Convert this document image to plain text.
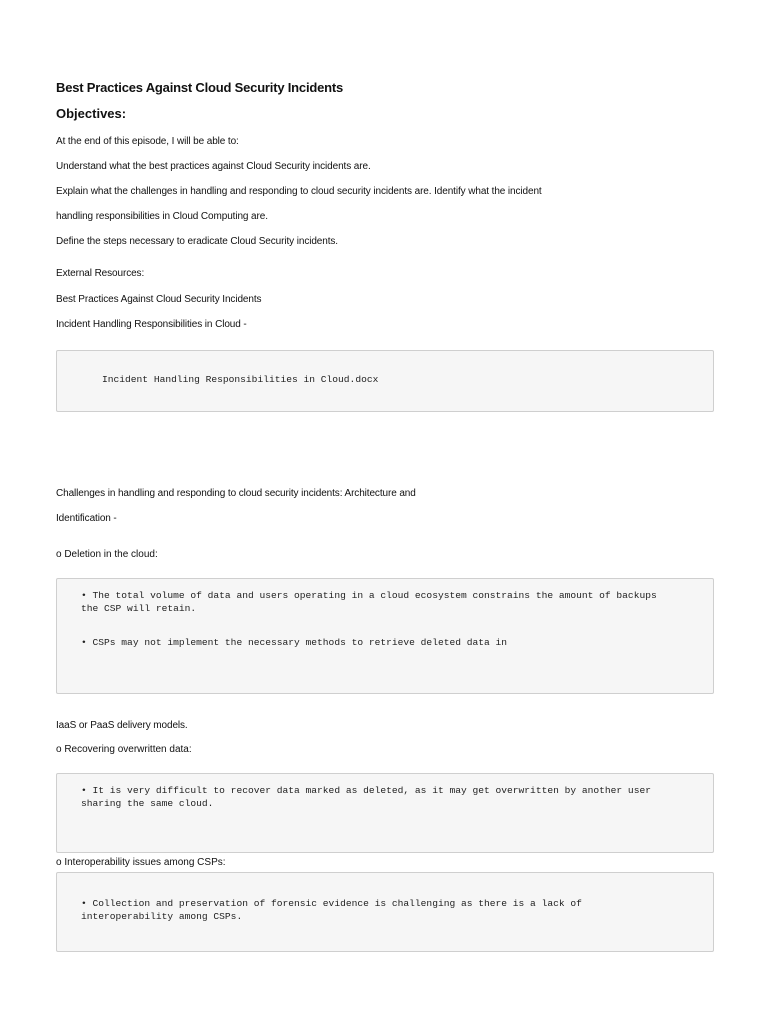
Best Practices Against Cloud Security Incidents
Objectives:

At the end of this episode, I will be able to:

Understand what the best practices against Cloud Security incidents are.

Explain what the challenges in handling and responding to cloud security incidents are. Identify what the incident

handling responsibilities in Cloud Computing are.

Define the steps necessary to eradicate Cloud Security incidents.

External Resources:

Best Practices Against Cloud Security Incidents

Incident Handling Responsibilities in Cloud -

Incident Handling Responsibilities in Cloud.docx

Challenges in handling and responding to cloud security incidents: Architecture and

Identification -

o Deletion in the cloud:

• The total volume of data and users operating in a cloud ecosystem constrains the amount of backups the CSP will retain.
• CSPs may not implement the necessary methods to retrieve deleted data in

IaaS or PaaS delivery models.

o Recovering overwritten data:

• It is very difficult to recover data marked as deleted, as it may get overwritten by another user sharing the same cloud.

o Interoperability issues among CSPs:

• Collection and preservation of forensic evidence is challenging as there is a lack of interoperability among CSPs.
